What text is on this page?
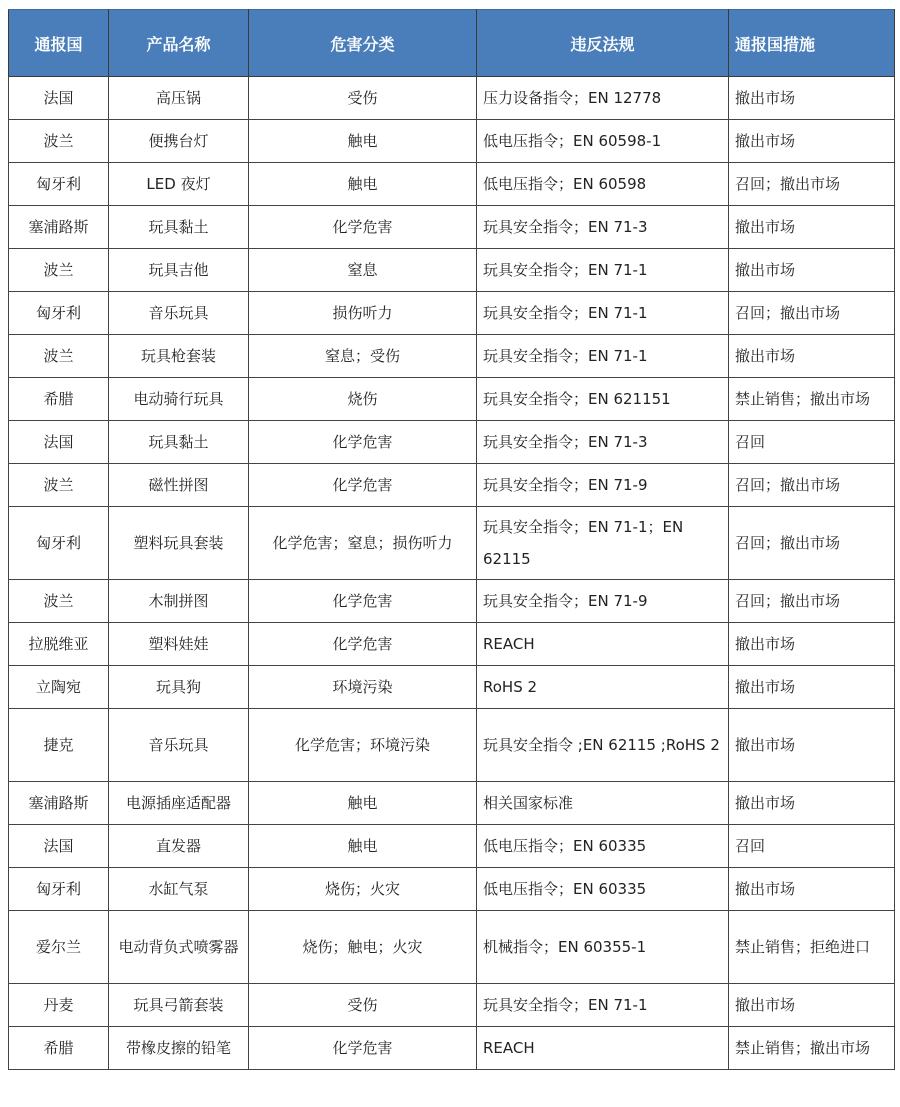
通报国	产品名称	危害分类	违反法规	通报国措施
法国	高压锅	受伤	压力设备指令；EN 12778	撤出市场
波兰	便携台灯	触电	低电压指令；EN 60598-1	撤出市场
匈牙利	LED 夜灯	触电	低电压指令；EN 60598	召回；撤出市场
塞浦路斯	玩具黏土	化学危害	玩具安全指令；EN 71-3	撤出市场
波兰	玩具吉他	窒息	玩具安全指令；EN 71-1	撤出市场
匈牙利	音乐玩具	损伤听力	玩具安全指令；EN 71-1	召回；撤出市场
波兰	玩具枪套装	窒息；受伤	玩具安全指令；EN 71-1	撤出市场
希腊	电动骑行玩具	烧伤	玩具安全指令；EN 621151	禁止销售；撤出市场
法国	玩具黏土	化学危害	玩具安全指令；EN 71-3	召回
波兰	磁性拼图	化学危害	玩具安全指令；EN 71-9	召回；撤出市场
匈牙利	塑料玩具套装	化学危害；窒息；损伤听力	玩具安全指令；EN 71-1；EN 62115	召回；撤出市场
波兰	木制拼图	化学危害	玩具安全指令；EN 71-9	召回；撤出市场
拉脱维亚	塑料娃娃	化学危害	REACH	撤出市场
立陶宛	玩具狗	环境污染	RoHS 2	撤出市场
捷克	音乐玩具	化学危害；环境污染	玩具安全指令 ;EN 62115 ;RoHS 2	撤出市场
塞浦路斯	电源插座适配器	触电	相关国家标准	撤出市场
法国	直发器	触电	低电压指令；EN 60335	召回
匈牙利	水缸气泵	烧伤；火灾	低电压指令；EN 60335	撤出市场
爱尔兰	电动背负式喷雾器	烧伤；触电；火灾	机械指令；EN 60355-1	禁止销售；拒绝进口
丹麦	玩具弓箭套装	受伤	玩具安全指令；EN 71-1	撤出市场
希腊	带橡皮擦的铅笔	化学危害	REACH	禁止销售；撤出市场
